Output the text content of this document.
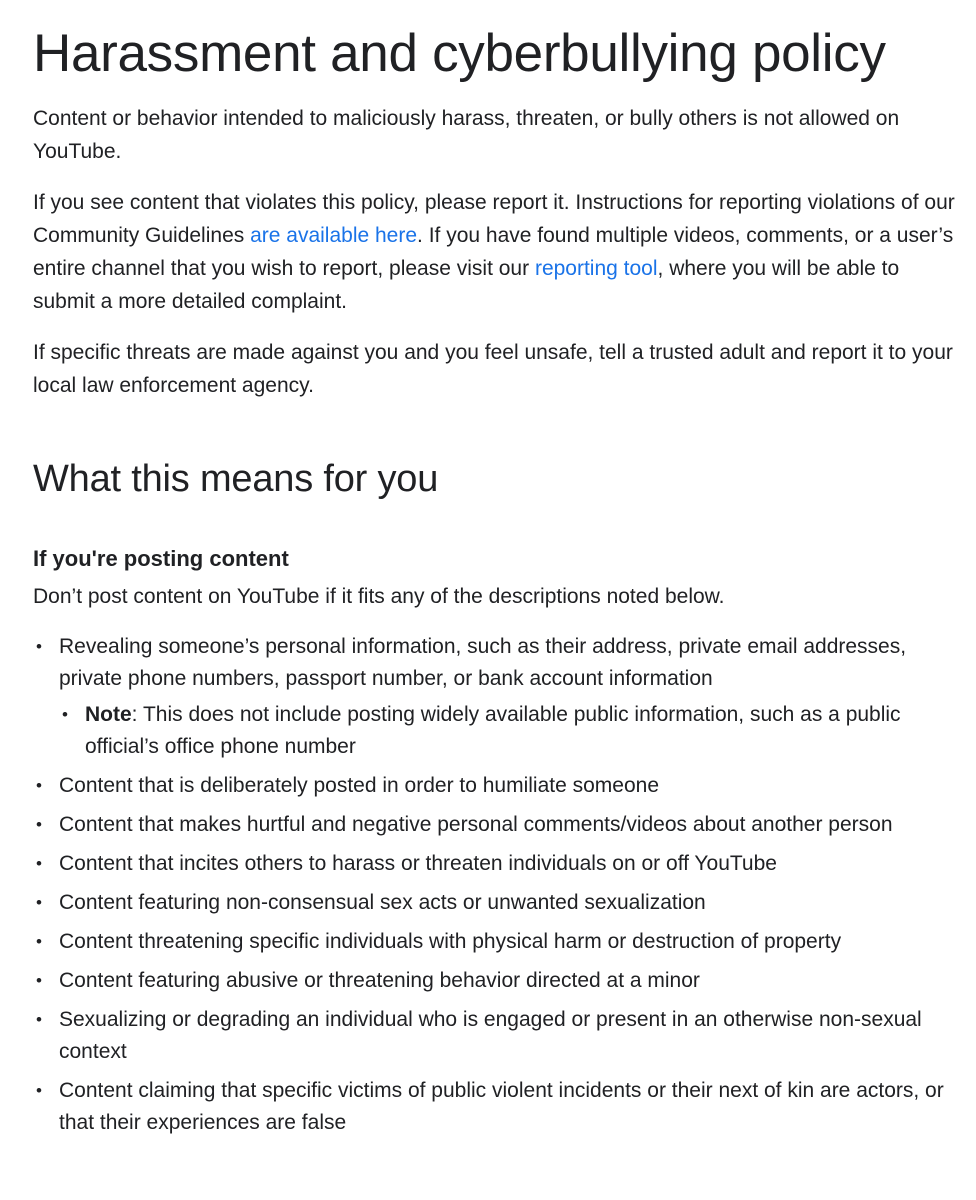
Harassment and cyberbullying policy

Content or behavior intended to maliciously harass, threaten, or bully others is not allowed on YouTube.

If you see content that violates this policy, please report it. Instructions for reporting violations of our Community Guidelines are available here. If you have found multiple videos, comments, or a user’s entire channel that you wish to report, please visit our reporting tool, where you will be able to submit a more detailed complaint.

If specific threats are made against you and you feel unsafe, tell a trusted adult and report it to your local law enforcement agency.

What this means for you
If you're posting content

Don’t post content on YouTube if it fits any of the descriptions noted below.

• Revealing someone’s personal information, such as their address, private email addresses, private phone numbers, passport number, or bank account information
• Note: This does not include posting widely available public information, such as a public official’s office phone number
• Content that is deliberately posted in order to humiliate someone
• Content that makes hurtful and negative personal comments/videos about another person
• Content that incites others to harass or threaten individuals on or off YouTube
• Content featuring non-consensual sex acts or unwanted sexualization
• Content threatening specific individuals with physical harm or destruction of property
• Content featuring abusive or threatening behavior directed at a minor
• Sexualizing or degrading an individual who is engaged or present in an otherwise non-sexual context
• Content claiming that specific victims of public violent incidents or their next of kin are actors, or that their experiences are false
